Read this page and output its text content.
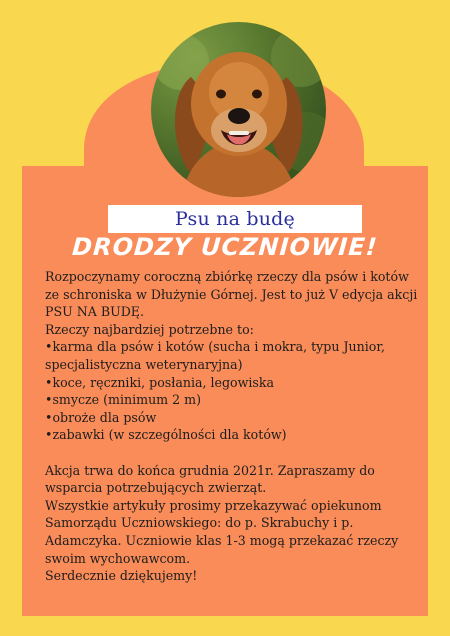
Psu na budę
DRODZY UCZNIOWIE!

Rozpoczynamy coroczną zbiórkę rzeczy dla psów i kotów ze schroniska w Dłużynie Górnej. Jest to już V edycja akcji PSU NA BUDĘ.

Rzeczy najbardziej potrzebne to:

• karma dla psów i kotów (sucha i mokra, typu Junior, specjalistyczna weterynaryjna)
• koce, ręczniki, posłania, legowiska
• smycze (minimum 2 m)
• obroże dla psów
• zabawki (w szczególności dla kotów)

Akcja trwa do końca grudnia 2021r. Zapraszamy do wsparcia potrzebujących zwierząt.

Wszystkie artykuły prosimy przekazywać opiekunom Samorządu Uczniowskiego: do p. Skrabuchy i p. Adamczyka. Uczniowie klas 1-3 mogą przekazać rzeczy swoim wychowawcom.

Serdecznie dziękujemy!
